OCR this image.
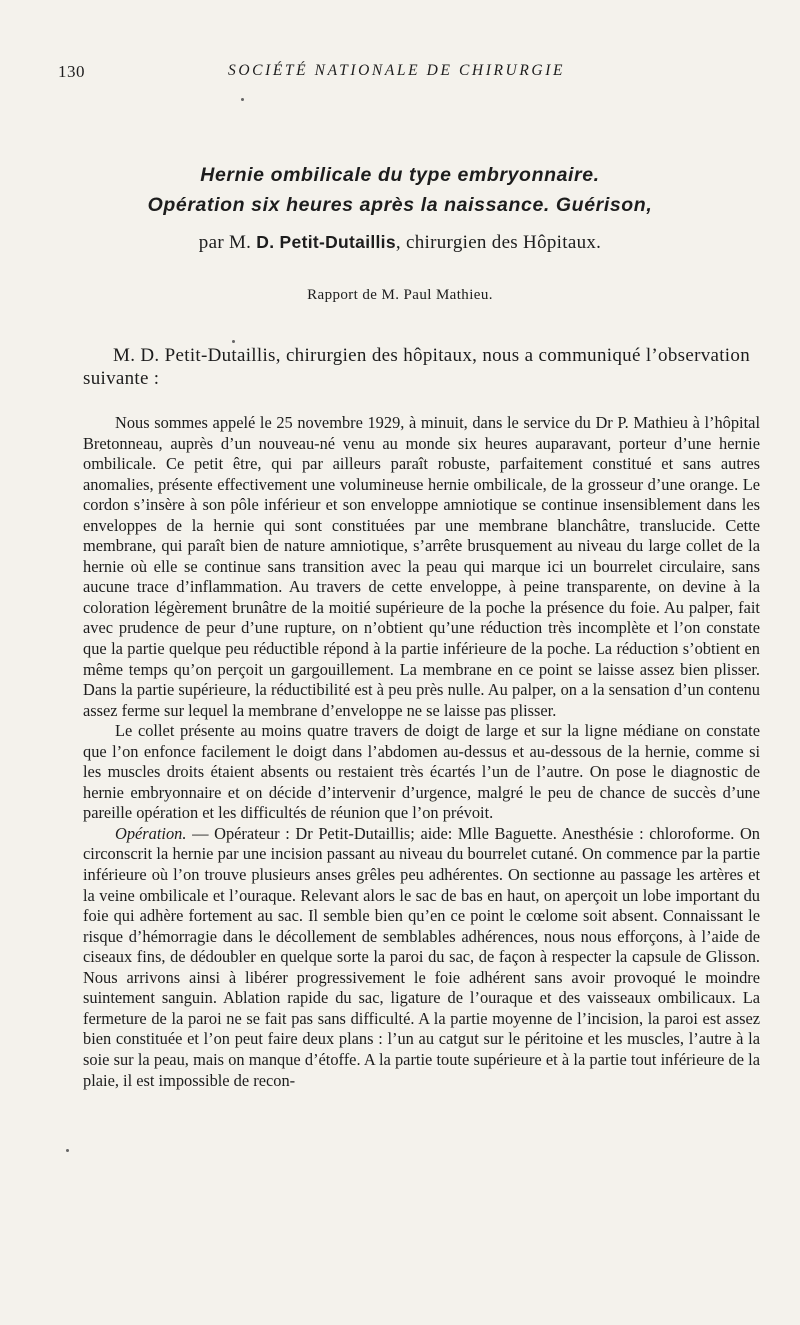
130	SOCIÉTÉ NATIONALE DE CHIRURGIE

Hernie ombilicale du type embryonnaire.

Opération six heures après la naissance. Guérison,

par M. D. Petit-Dutaillis, chirurgien des Hôpitaux.
Rapport de M. Paul Mathieu.

M. D. Petit-Dutaillis, chirurgien des hôpitaux, nous a communiqué l’observation suivante :

Nous sommes appelé le 25 novembre 1929, à minuit, dans le service du Dr P. Mathieu à l’hôpital Bretonneau, auprès d’un nouveau-né venu au monde six heures auparavant, porteur d’une hernie ombilicale. Ce petit être, qui par ailleurs paraît robuste, parfaitement constitué et sans autres anomalies, présente effectivement une volumineuse hernie ombilicale, de la grosseur d’une orange. Le cordon s’insère à son pôle inférieur et son enveloppe amniotique se continue insensiblement dans les enveloppes de la hernie qui sont constituées par une membrane blanchâtre, translucide. Cette membrane, qui paraît bien de nature amniotique, s’arrête brusquement au niveau du large collet de la hernie où elle se continue sans transition avec la peau qui marque ici un bourrelet circulaire, sans aucune trace d’inflammation. Au travers de cette enveloppe, à peine transparente, on devine à la coloration légèrement brunâtre de la moitié supérieure de la poche la présence du foie. Au palper, fait avec prudence de peur d’une rupture, on n’obtient qu’une réduction très incomplète et l’on constate que la partie quelque peu réductible répond à la partie inférieure de la poche. La réduction s’obtient en même temps qu’on perçoit un gargouillement. La membrane en ce point se laisse assez bien plisser. Dans la partie supérieure, la réductibilité est à peu près nulle. Au palper, on a la sensation d’un contenu assez ferme sur lequel la membrane d’enveloppe ne se laisse pas plisser.

Le collet présente au moins quatre travers de doigt de large et sur la ligne médiane on constate que l’on enfonce facilement le doigt dans l’abdomen au-dessus et au-dessous de la hernie, comme si les muscles droits étaient absents ou restaient très écartés l’un de l’autre. On pose le diagnostic de hernie embryonnaire et on décide d’intervenir d’urgence, malgré le peu de chance de succès d’une pareille opération et les difficultés de réunion que l’on prévoit.

Opération. — Opérateur : Dr Petit-Dutaillis; aide: Mlle Baguette. Anesthésie : chloroforme. On circonscrit la hernie par une incision passant au niveau du bourrelet cutané. On commence par la partie inférieure où l’on trouve plusieurs anses grêles peu adhérentes. On sectionne au passage les artères et la veine ombilicale et l’ouraque. Relevant alors le sac de bas en haut, on aperçoit un lobe important du foie qui adhère fortement au sac. Il semble bien qu’en ce point le cœlome soit absent. Connaissant le risque d’hémorragie dans le décollement de semblables adhérences, nous nous efforçons, à l’aide de ciseaux fins, de dédoubler en quelque sorte la paroi du sac, de façon à respecter la capsule de Glisson. Nous arrivons ainsi à libérer progressivement le foie adhérent sans avoir provoqué le moindre suintement sanguin. Ablation rapide du sac, ligature de l’ouraque et des vaisseaux ombilicaux. La fermeture de la paroi ne se fait pas sans difficulté. A la partie moyenne de l’incision, la paroi est assez bien constituée et l’on peut faire deux plans : l’un au catgut sur le péritoine et les muscles, l’autre à la soie sur la peau, mais on manque d’étoffe. A la partie toute supérieure et à la partie tout inférieure de la plaie, il est impossible de recon-
